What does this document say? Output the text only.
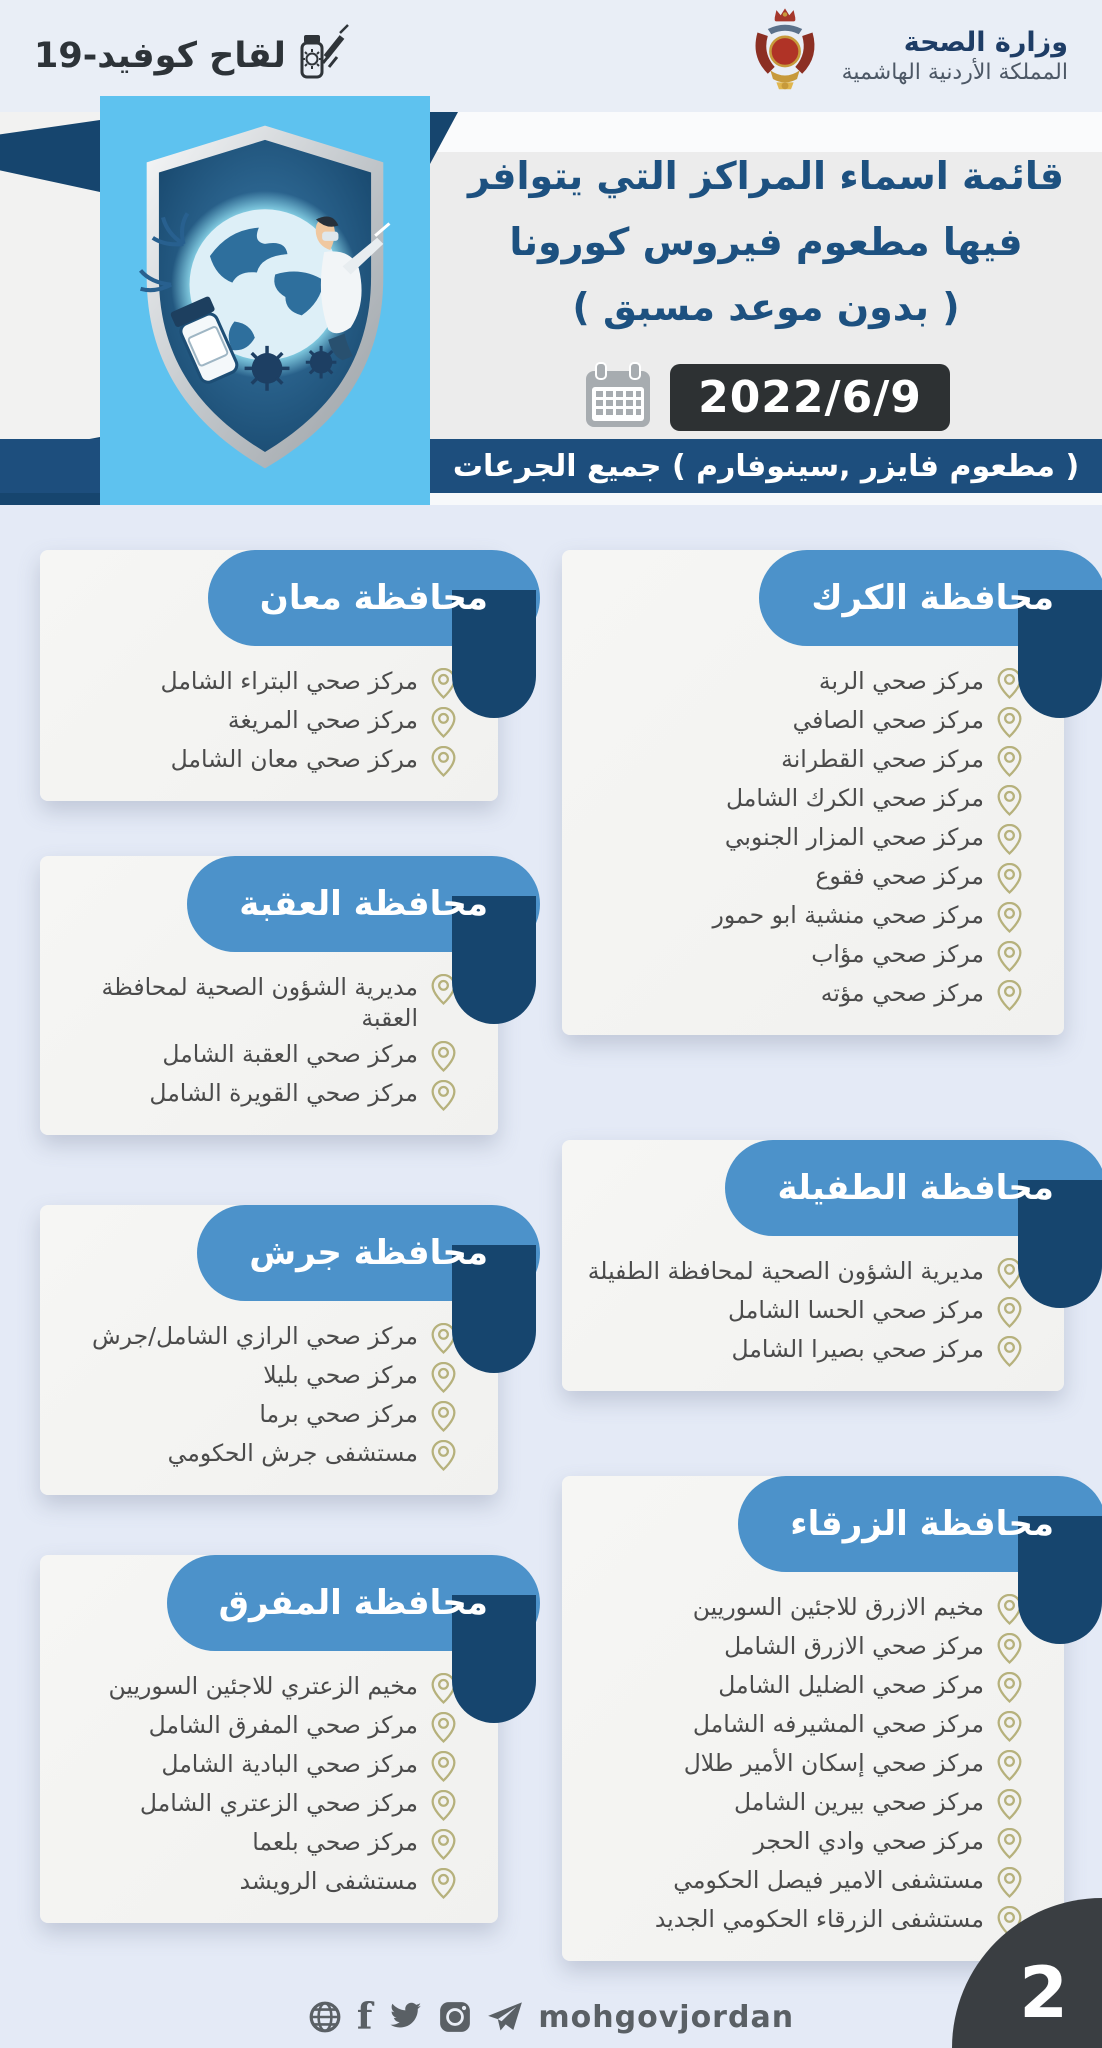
وزارة الصحة
المملكة الأردنية الهاشمية
لقاح كوفيد-19
( مطعوم فايزر ,سينوفارم ) جميع الجرعات
قائمة اسماء المراكز التي يتوافر
فيها مطعوم فيروس كورونا
( بدون موعد مسبق )
2022/6/9
محافظة الكرك
مركز صحي الربة
مركز صحي الصافي
مركز صحي القطرانة
مركز صحي الكرك الشامل
مركز صحي المزار الجنوبي
مركز صحي فقوع
مركز صحي منشية ابو حمور
مركز صحي مؤاب
مركز صحي مؤته
محافظة الطفيلة
مديرية الشؤون الصحية لمحافظة الطفيلة
مركز صحي الحسا الشامل
مركز صحي بصيرا الشامل
محافظة الزرقاء
مخيم الازرق للاجئين السوريين
مركز صحي الازرق الشامل
مركز صحي الضليل الشامل
مركز صحي المشيرفه الشامل
مركز صحي إسكان الأمير طلال
مركز صحي بيرين الشامل
مركز صحي وادي الحجر
مستشفى الامير فيصل الحكومي
مستشفى الزرقاء الحكومي الجديد
محافظة معان
مركز صحي البتراء الشامل
مركز صحي المريغة
مركز صحي معان الشامل
محافظة العقبة
مديرية الشؤون الصحية لمحافظة العقبة
مركز صحي العقبة الشامل
مركز صحي القويرة الشامل
محافظة جرش
مركز صحي الرازي الشامل/جرش
مركز صحي بليلا
مركز صحي برما
مستشفى جرش الحكومي
محافظة المفرق
مخيم الزعتري للاجئين السوريين
مركز صحي المفرق الشامل
مركز صحي البادية الشامل
مركز صحي الزعتري الشامل
مركز صحي بلعما
مستشفى الرويشد
f	mohgovjordan	2
